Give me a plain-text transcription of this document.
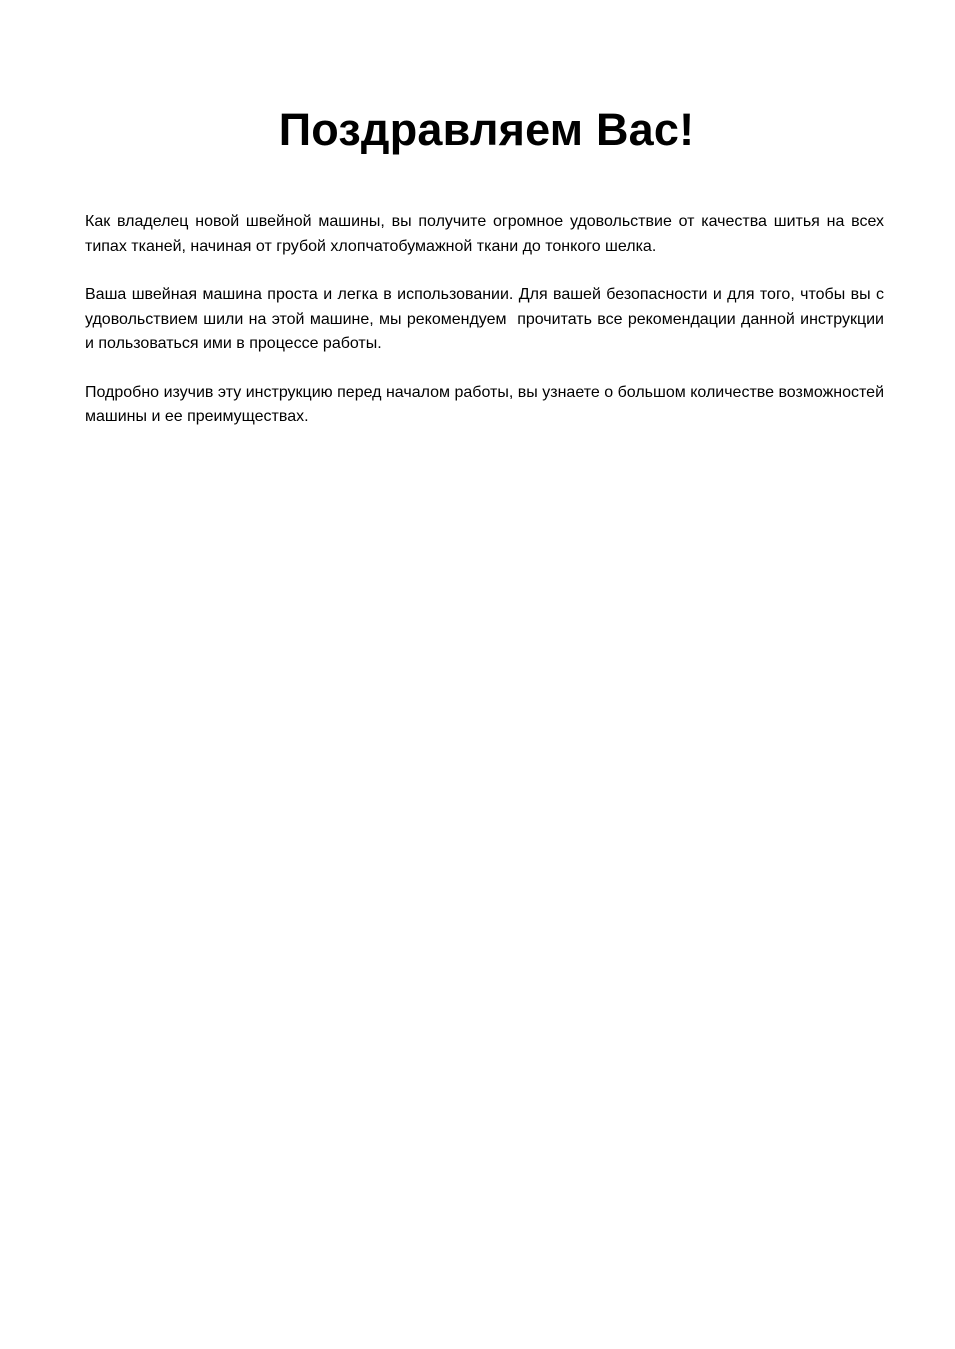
Поздравляем Вас!

Как владелец новой швейной машины, вы получите огромное удовольствие от качества шитья на всех типах тканей, начиная от грубой хлопчатобумажной ткани до тонкого шелка.

Ваша швейная машина проста и легка в использовании. Для вашей безопасности и для того, чтобы вы с удовольствием шили на этой машине, мы рекомендуем  прочитать все рекомендации данной инструкции и пользоваться ими в процессе работы.

Подробно изучив эту инструкцию перед началом работы, вы узнаете о большом количестве возможностей машины и ее преимуществах.
